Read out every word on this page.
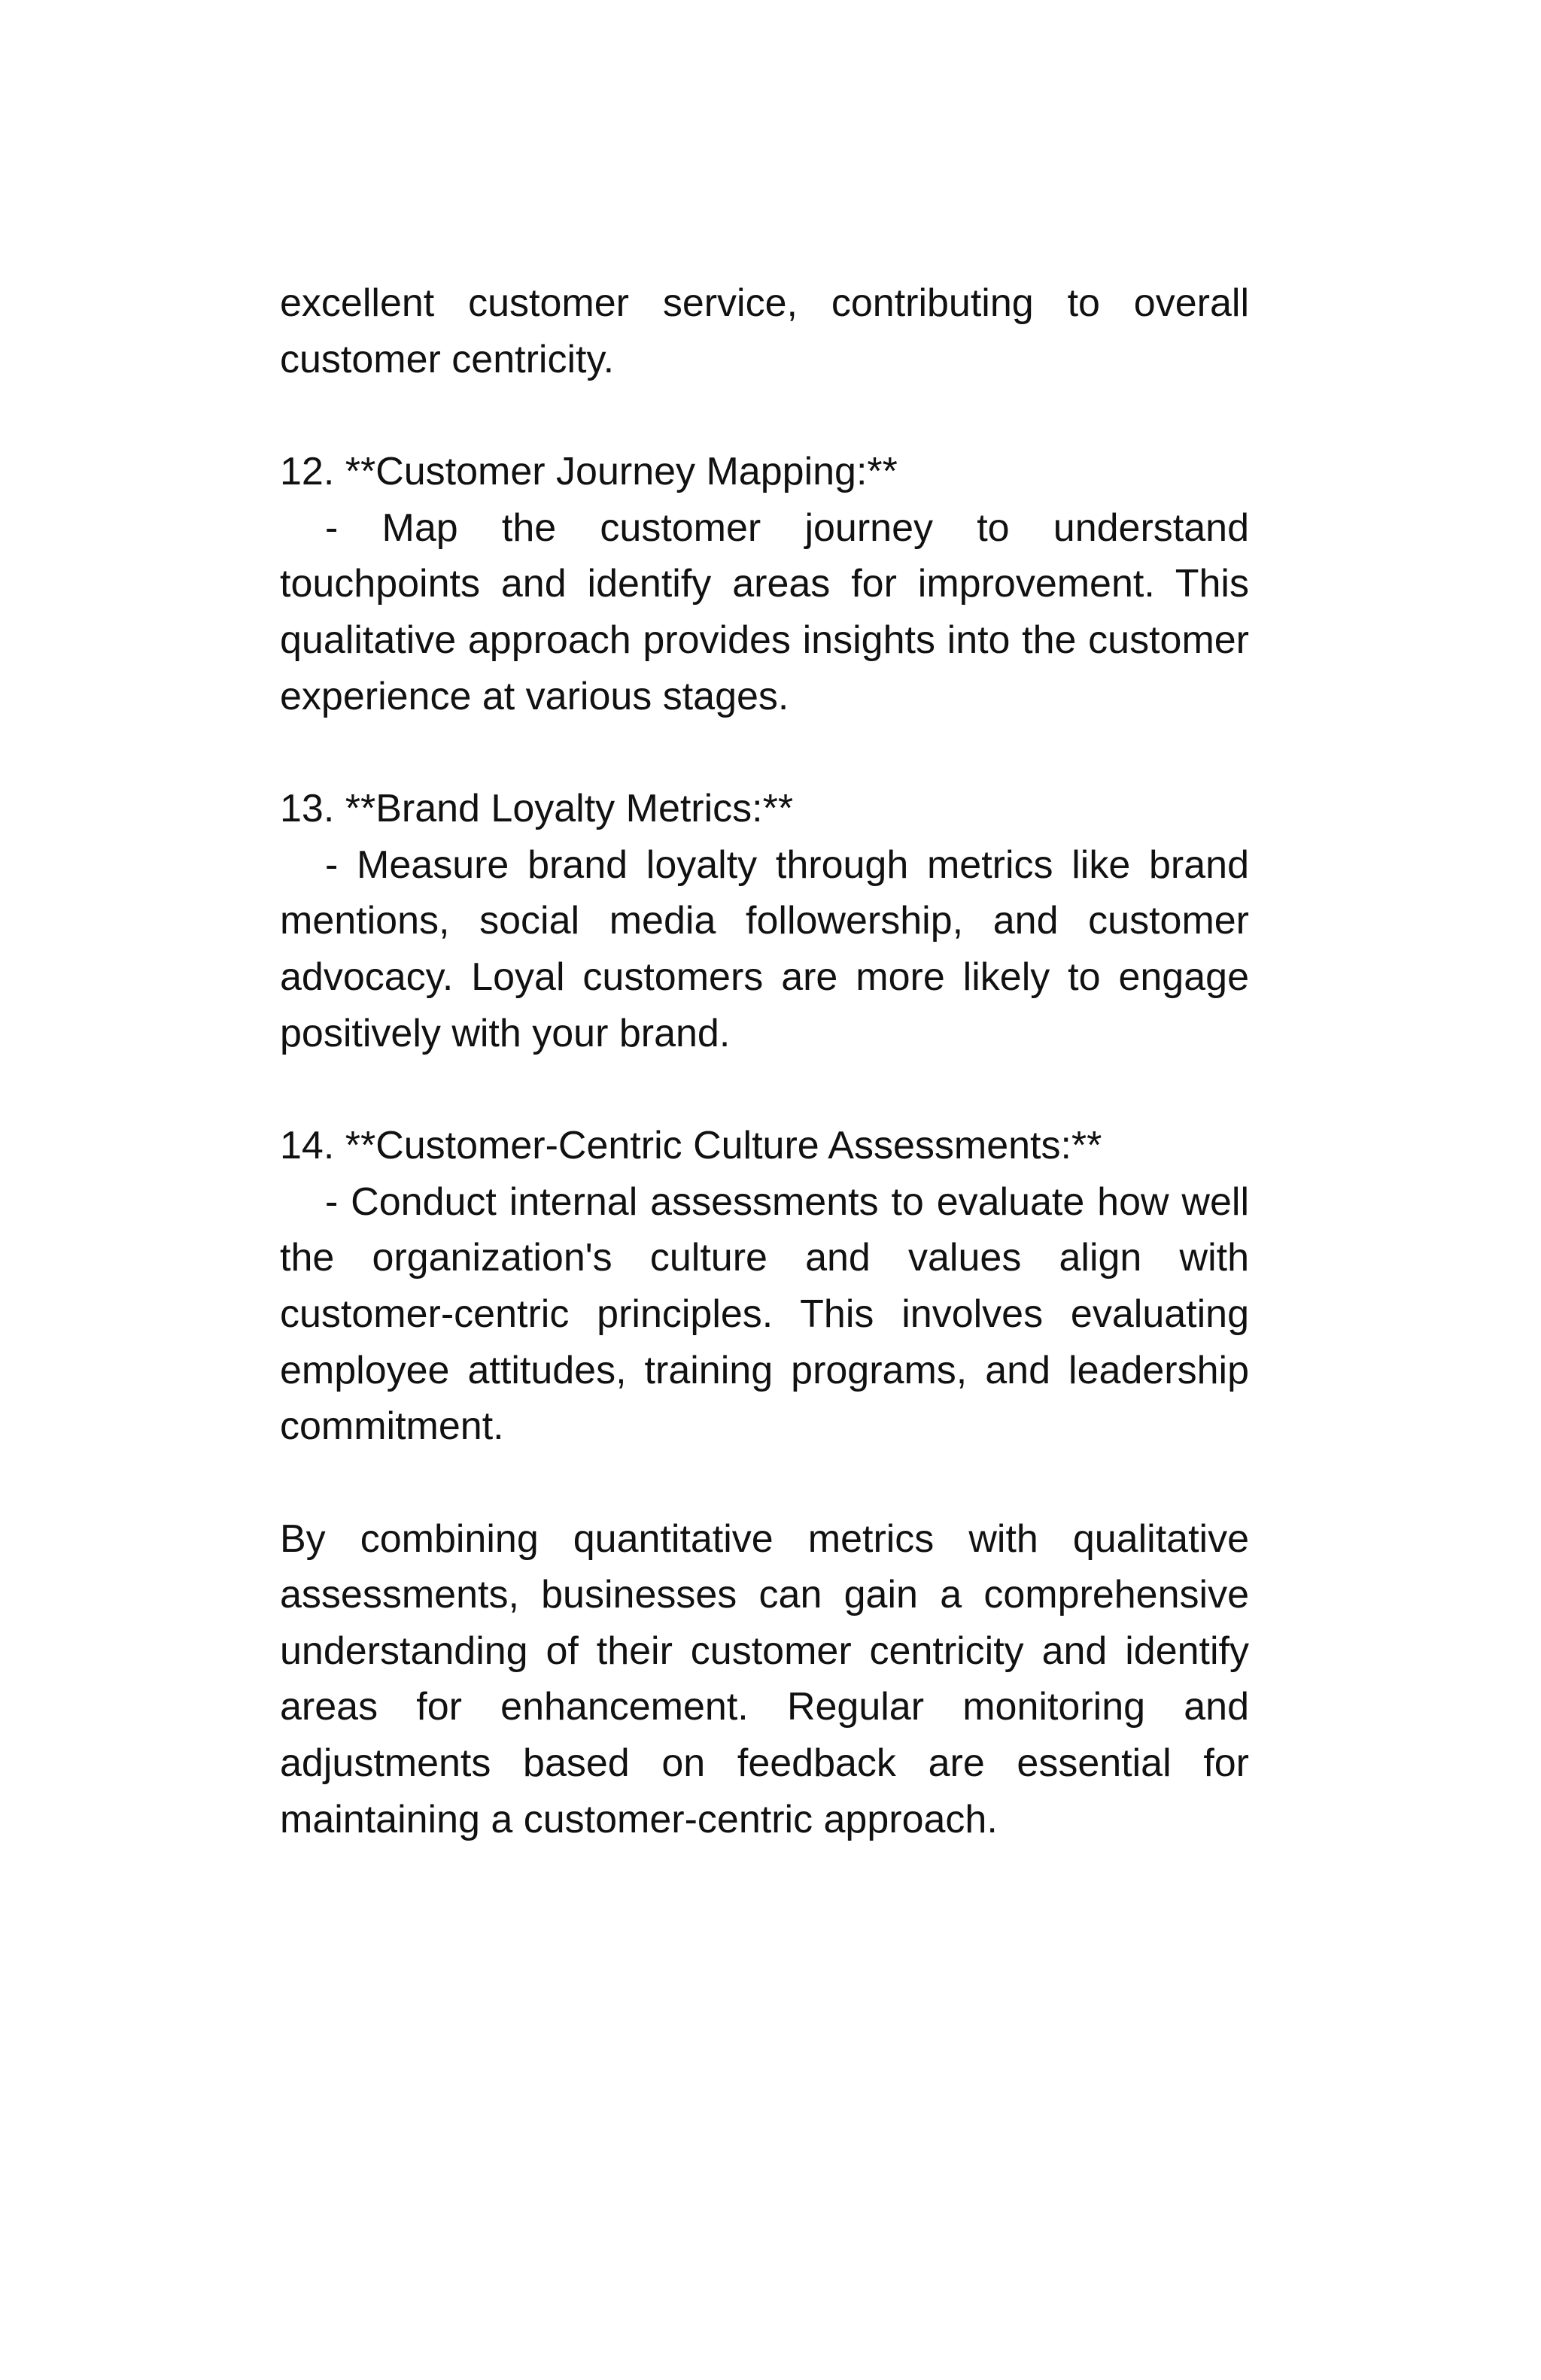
excellent customer service, contributing to overall customer centricity.

12. **Customer Journey Mapping:**

- Map the customer journey to understand touchpoints and identify areas for improvement. This qualitative approach provides insights into the customer experience at various stages.

13. **Brand Loyalty Metrics:**

- Measure brand loyalty through metrics like brand mentions, social media followership, and customer advocacy. Loyal customers are more likely to engage positively with your brand.

14. **Customer-Centric Culture Assessments:**

- Conduct internal assessments to evaluate how well the organization's culture and values align with customer-centric principles. This involves evaluating employee attitudes, training programs, and leadership commitment.

By combining quantitative metrics with qualitative assessments, businesses can gain a comprehensive understanding of their customer centricity and identify areas for enhancement. Regular monitoring and adjustments based on feedback are essential for maintaining a customer-centric approach.
